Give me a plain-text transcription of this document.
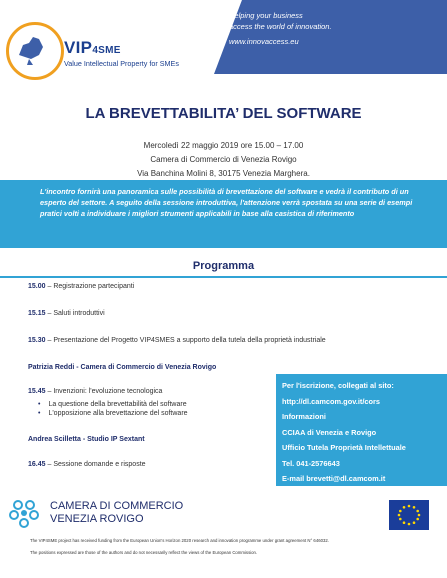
VIP4SME
Value Intellectual Property for SMEs
Helping your business
access the world of innovation.
www.innovaccess.eu
LA BREVETTABILITA’ DEL SOFTWARE
Mercoledì 22 maggio 2019 ore 15.00 – 17.00
Camera di Commercio di Venezia Rovigo
Via Banchina Molini 8, 30175 Venezia Marghera.
L'incontro fornirà una panoramica sulle possibilità di brevettazione del software e vedrà il contributo di un esperto del settore. A seguito della sessione introduttiva, l'attenzione verrà spostata su una serie di esempi pratici volti a individuare i migliori strumenti applicabili in base alla casistica di riferimento
Programma
15.00 – Registrazione partecipanti
15.15 – Saluti introduttivi
15.30 – Presentazione del Progetto VIP4SMES a supporto della tutela della proprietà industriale
Patrizia Reddi - Camera di Commercio di Venezia Rovigo
15.45 – Invenzioni: l'evoluzione tecnologica
• La questione della brevettabilità del software
• L'opposizione alla brevettazione del software
Andrea Scilletta - Studio IP Sextant
16.45 – Sessione domande e risposte
Per l'iscrizione, collegati al sito:
http://dl.camcom.gov.it/cors
Informazioni
CCIAA di Venezia e Rovigo
Ufficio Tutela Proprietà Intellettuale
Tel. 041-2576643
E-mail brevetti@dl.camcom.it
CAMERA DI COMMERCIO
VENEZIA ROVIGO
The VIP4SME project has received funding from the European Union's Horizon 2020 research and innovation programme under grant agreement N° 646032.
The positions expressed are those of the authors and do not necessarily reflect the views of the European Commission.
